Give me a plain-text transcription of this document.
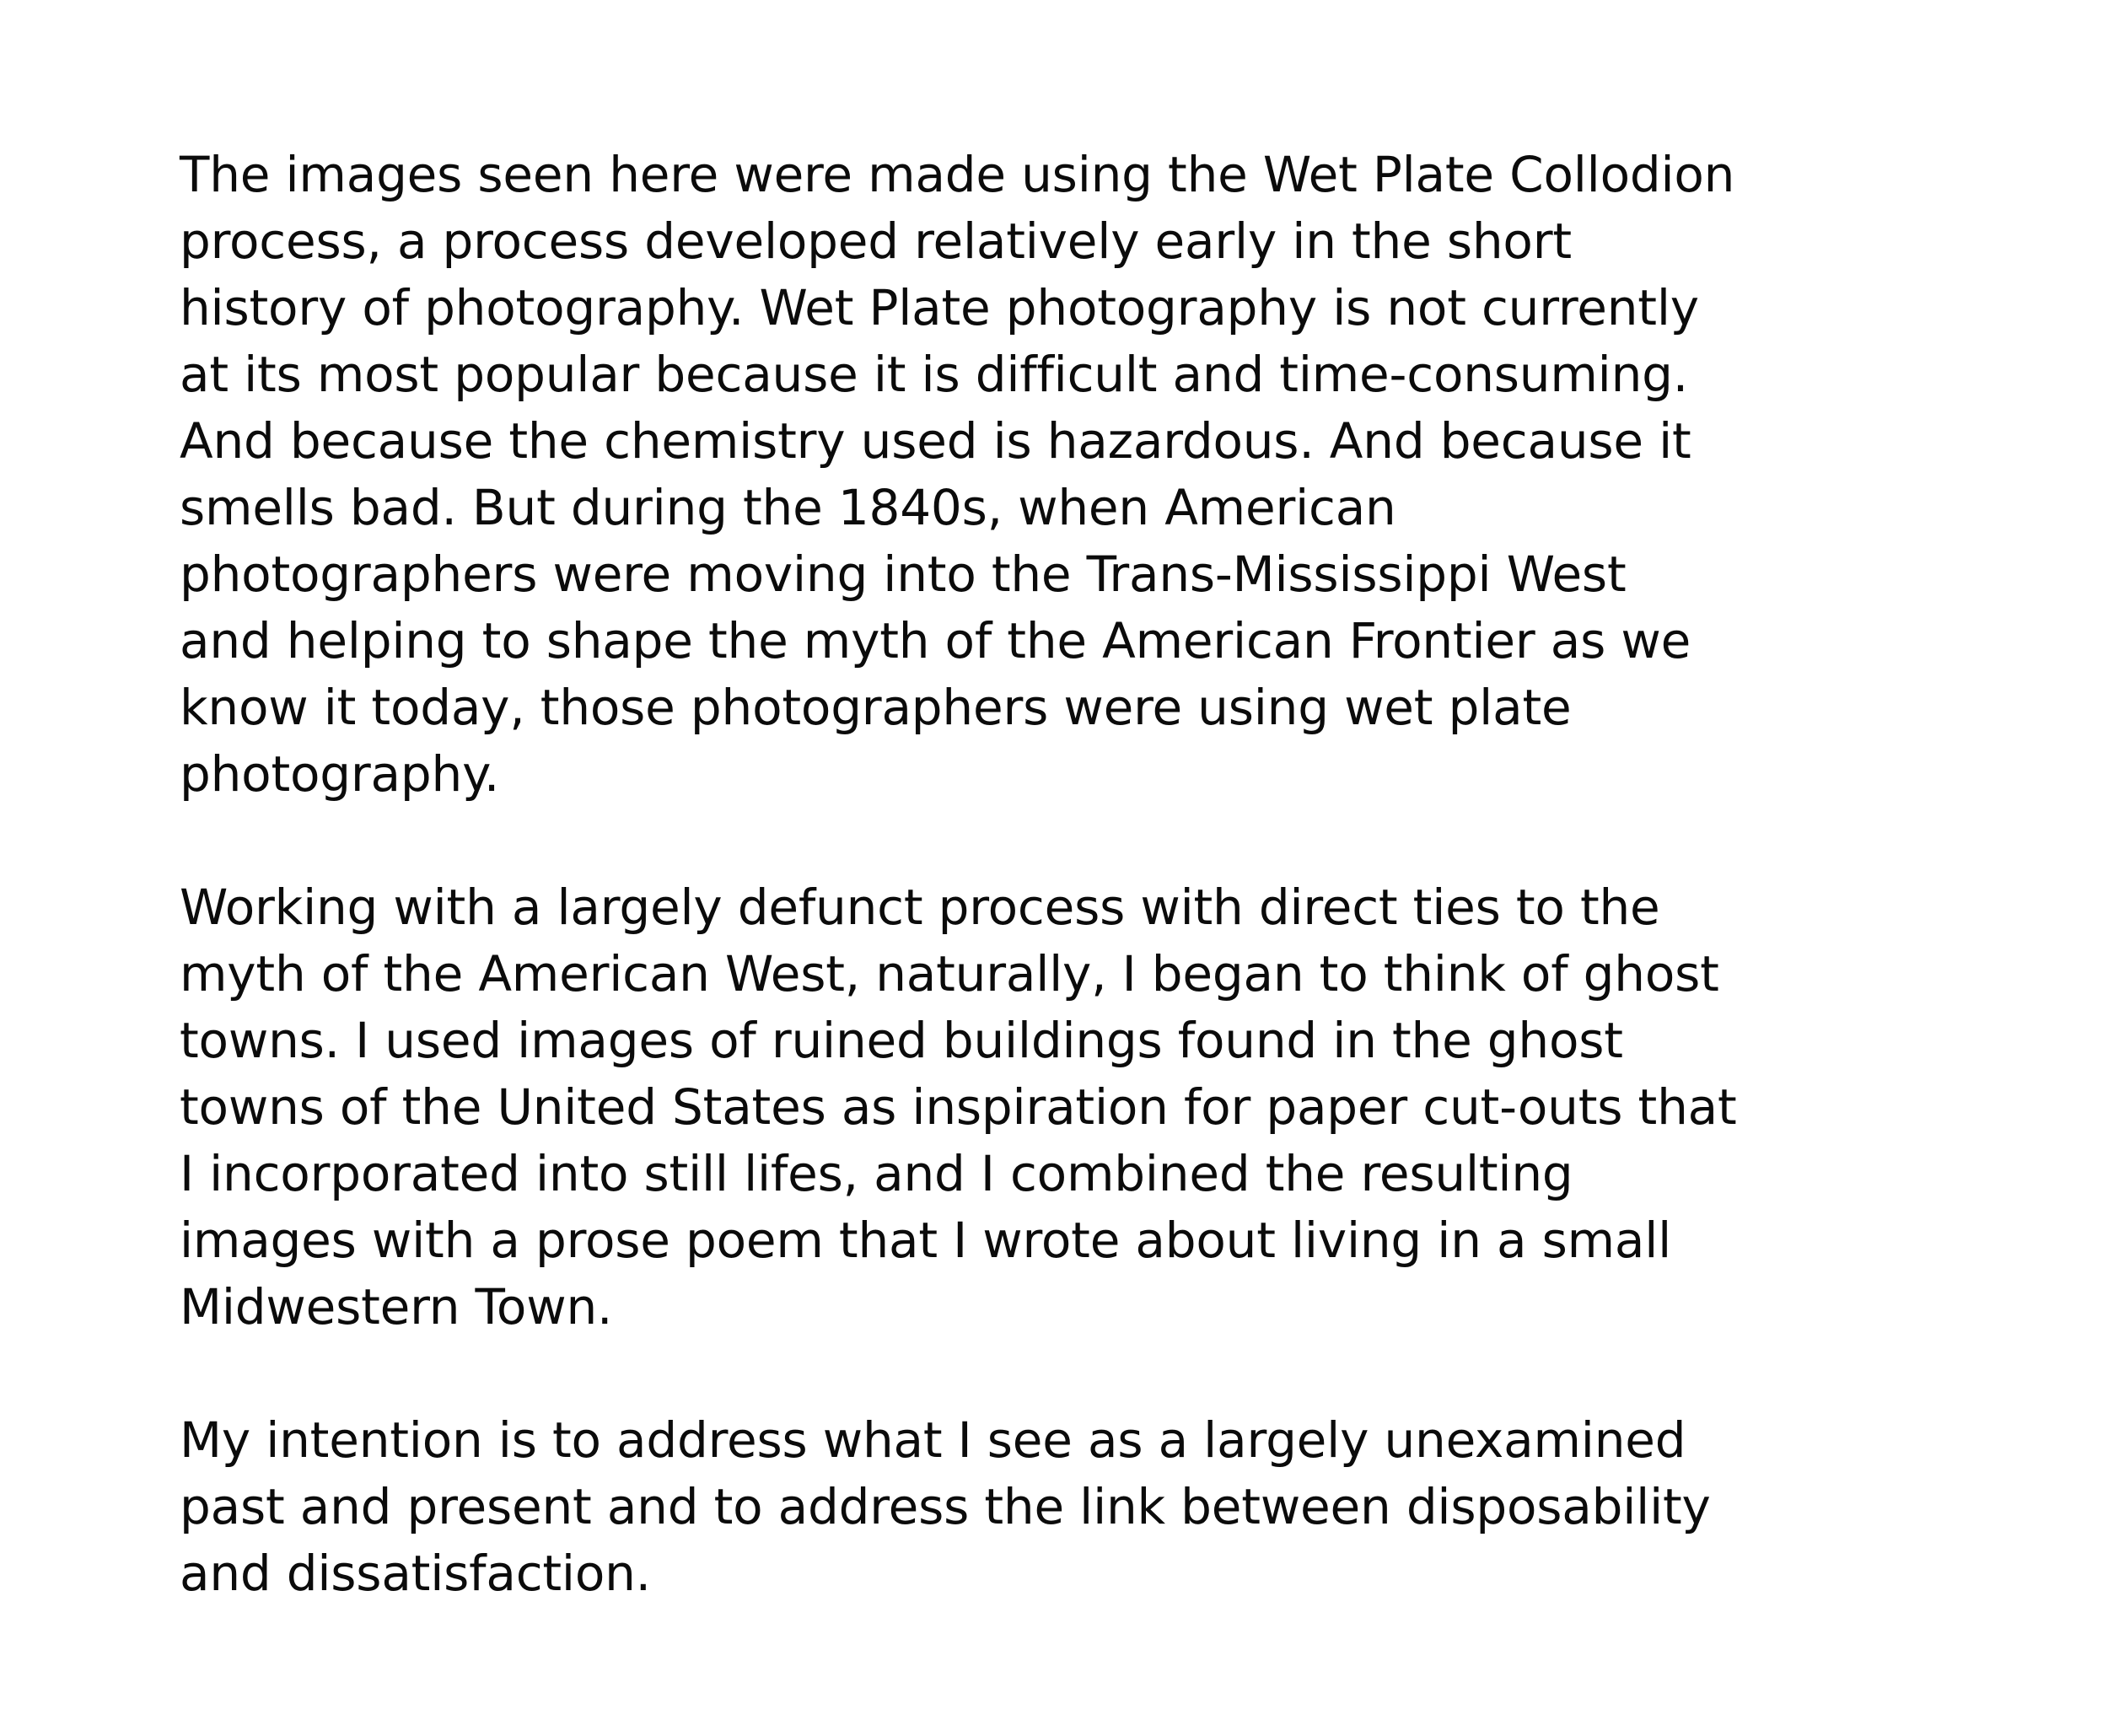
The images seen here were made using the Wet Plate Collodion
process, a process developed relatively early in the short
history of photography. Wet Plate photography is not currently
at its most popular because it is difficult and time-consuming.
And because the chemistry used is hazardous. And because it
smells bad. But during the 1840s, when American
photographers were moving into the Trans-Mississippi West
and helping to shape the myth of the American Frontier as we
know it today, those photographers were using wet plate
photography.
Working with a largely defunct process with direct ties to the
myth of the American West, naturally, I began to think of ghost
towns. I used images of ruined buildings found in the ghost
towns of the United States as inspiration for paper cut-outs that
I incorporated into still lifes, and I combined the resulting
images with a prose poem that I wrote about living in a small
Midwestern Town.
My intention is to address what I see as a largely unexamined
past and present and to address the link between disposability
and dissatisfaction.
